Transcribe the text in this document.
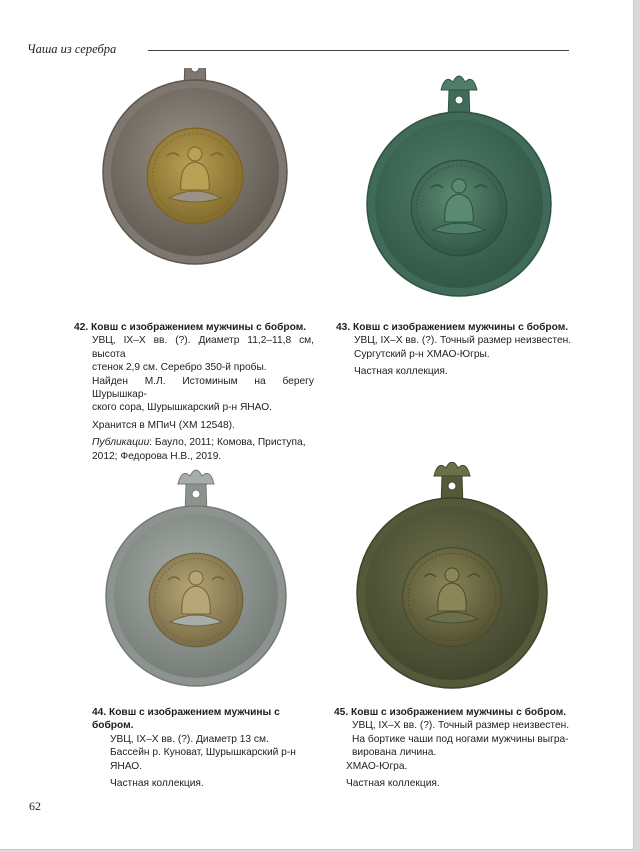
Чаша из серебра

42. Ковш с изображением мужчины с бобром.

УВЦ, IX–X вв. (?). Диаметр 11,2–11,8 см, высота

стенок 2,9 см. Серебро 350-й пробы.

Найден М.Л. Истоминым на берегу Шурышкар-

ского сора, Шурышкарский р-н ЯНАО.

Хранится в МПиЧ (ХМ 12548).

Публикации: Бауло, 2011; Комова, Приступа,

2012; Федорова Н.В., 2019.

43. Ковш с изображением мужчины с бобром.

УВЦ, IX–X вв. (?). Точный размер неизвестен.

Сургутский р-н ХМАО-Югры.

Частная коллекция.

44. Ковш с изображением мужчины с бобром.

УВЦ, IX–X вв. (?). Диаметр 13 см.

Бассейн р. Куноват, Шурышкарский р-н ЯНАО.

Частная коллекция.

45. Ковш с изображением мужчины с бобром.

УВЦ, IX–X вв. (?). Точный размер неизвестен.

На бортике чаши под ногами мужчины выгра-

вирована личина.

ХМАО-Югра.

Частная коллекция.

62
